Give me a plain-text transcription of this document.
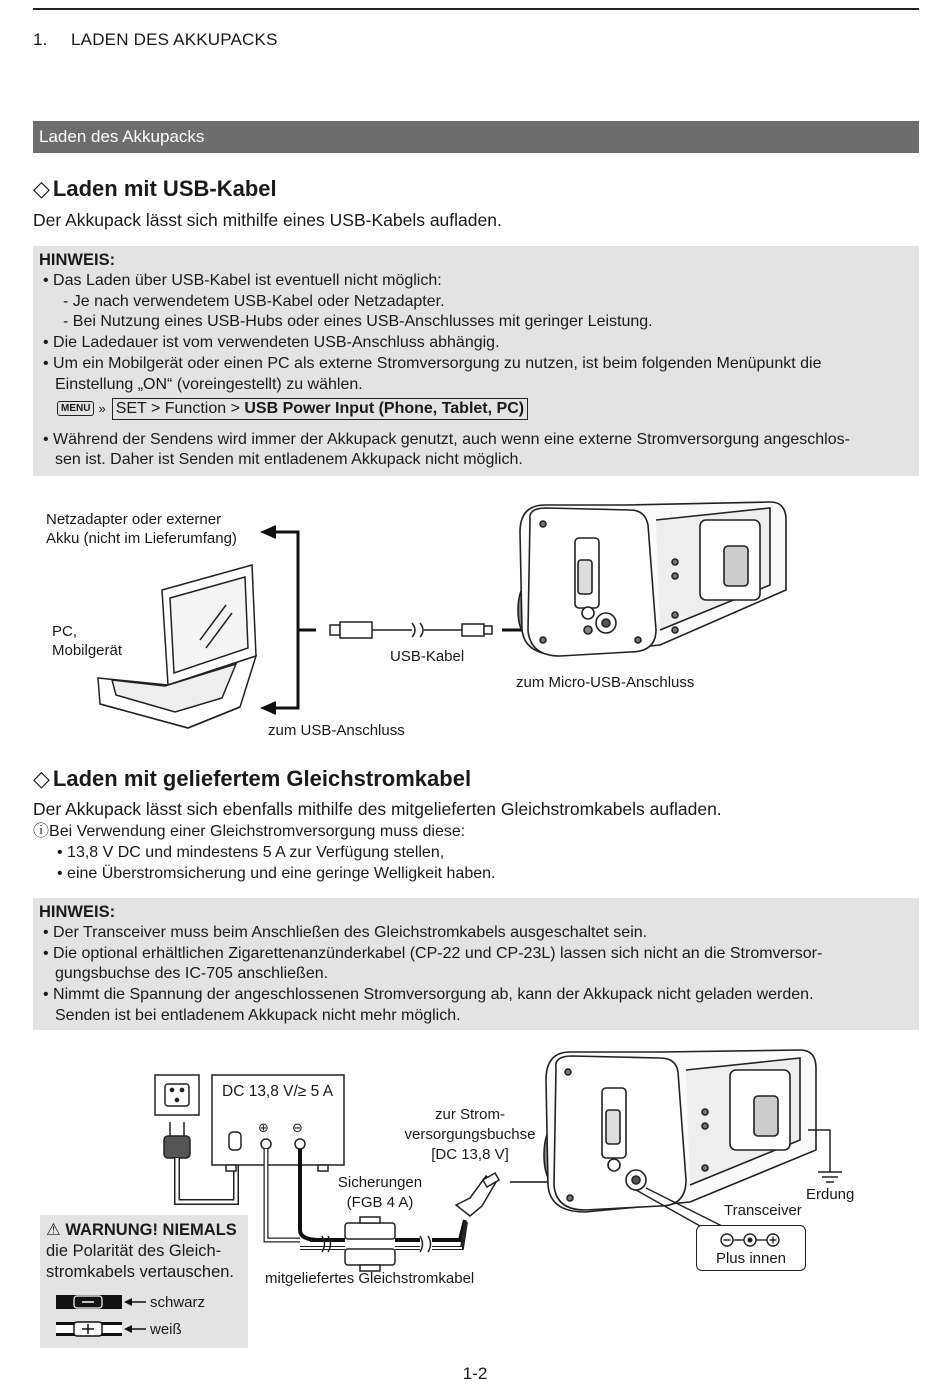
1. LADEN DES AKKUPACKS
Laden des Akkupacks
◇ Laden mit USB-Kabel
Der Akkupack lässt sich mithilfe eines USB-Kabels aufladen.
HINWEIS:
• Das Laden über USB-Kabel ist eventuell nicht möglich:
- Je nach verwendetem USB-Kabel oder Netzadapter.
- Bei Nutzung eines USB-Hubs oder eines USB-Anschlusses mit geringer Leistung.
• Die Ladedauer ist vom verwendeten USB-Anschluss abhängig.
• Um ein Mobilgerät oder einen PC als externe Stromversorgung zu nutzen, ist beim folgenden Menüpunkt die
Einstellung „ON“ (voreingestellt) zu wählen.
MENU » SET > Function > USB Power Input (Phone, Tablet, PC)
• Während der Sendens wird immer der Akkupack genutzt, auch wenn eine externe Stromversorgung angeschlos-
sen ist. Daher ist Senden mit entladenem Akkupack nicht möglich.
Netzadapter oder externer
Akku (nicht im Lieferumfang)
PC,
Mobilgerät	USB-Kabel
zum Micro-USB-Anschluss
zum USB-Anschluss
◇ Laden mit geliefertem Gleichstromkabel
Der Akkupack lässt sich ebenfalls mithilfe des mitgelieferten Gleichstromkabels aufladen.
ⓘBei Verwendung einer Gleichstromversorgung muss diese:
• 13,8 V DC und mindestens 5 A zur Verfügung stellen,
• eine Überstromsicherung und eine geringe Welligkeit haben.
HINWEIS:
• Der Transceiver muss beim Anschließen des Gleichstromkabels ausgeschaltet sein.
• Die optional erhältlichen Zigarettenanzünderkabel (CP-22 und CP-23L) lassen sich nicht an die Stromversor-
gungsbuchse des IC-705 anschließen.
• Nimmt die Spannung der angeschlossenen Stromversorgung ab, kann der Akkupack nicht geladen werden.
Senden ist bei entladenem Akkupack nicht mehr möglich.
DC 13,8 V/≥ 5 A
⊕ ⊖
zur Strom-
versorgungsbuchse
[DC 13,8 V]
Sicherungen
(FGB 4 A)
mitgeliefertes Gleichstromkabel
Transceiver
Erdung
Plus innen
⚠ WARNUNG! NIEMALS
die Polarität des Gleich-
stromkabels vertauschen.
schwarz
weiß
1-2
